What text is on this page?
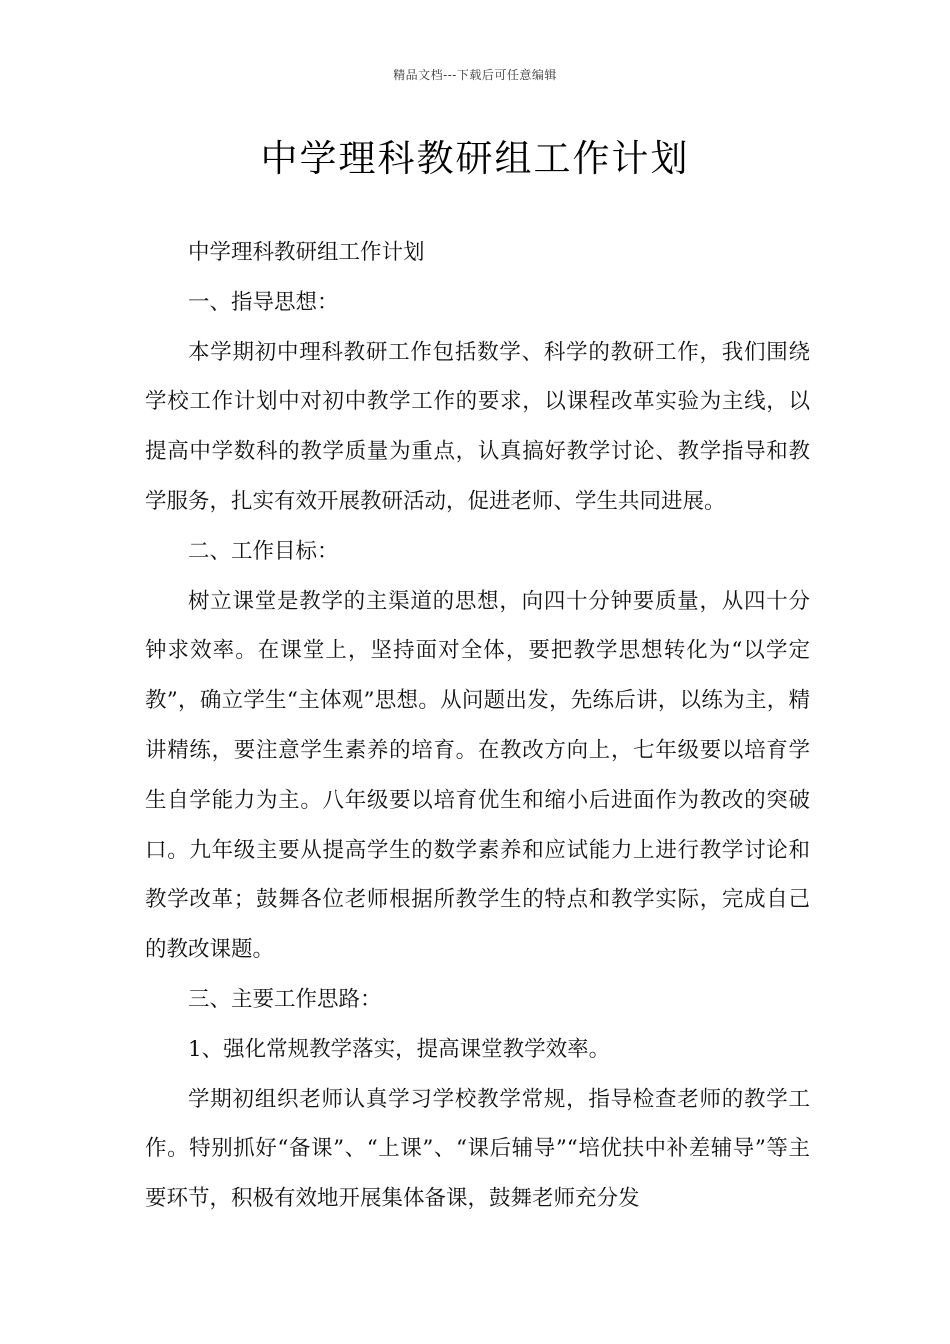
精品文档---下载后可任意编辑
中学理科教研组工作计划

中学理科教研组工作计划

一、指导思想：

本学期初中理科教研工作包括数学、科学的教研工作，我们围绕学校工作计划中对初中教学工作的要求，以课程改革实验为主线，以提高中学数科的教学质量为重点，认真搞好教学讨论、教学指导和教学服务，扎实有效开展教研活动，促进老师、学生共同进展。

二、工作目标：

树立课堂是教学的主渠道的思想，向四十分钟要质量，从四十分钟求效率。在课堂上，坚持面对全体，要把教学思想转化为“以学定教”，确立学生“主体观”思想。从问题出发，先练后讲，以练为主，精讲精练，要注意学生素养的培育。在教改方向上，七年级要以培育学生自学能力为主。八年级要以培育优生和缩小后进面作为教改的突破口。九年级主要从提高学生的数学素养和应试能力上进行教学讨论和教学改革；鼓舞各位老师根据所教学生的特点和教学实际，完成自己的教改课题。

三、主要工作思路：

1、强化常规教学落实，提高课堂教学效率。

学期初组织老师认真学习学校教学常规，指导检查老师的教学工作。特别抓好“备课”、“上课”、“课后辅导”“培优扶中补差辅导”等主要环节，积极有效地开展集体备课，鼓舞老师充分发
